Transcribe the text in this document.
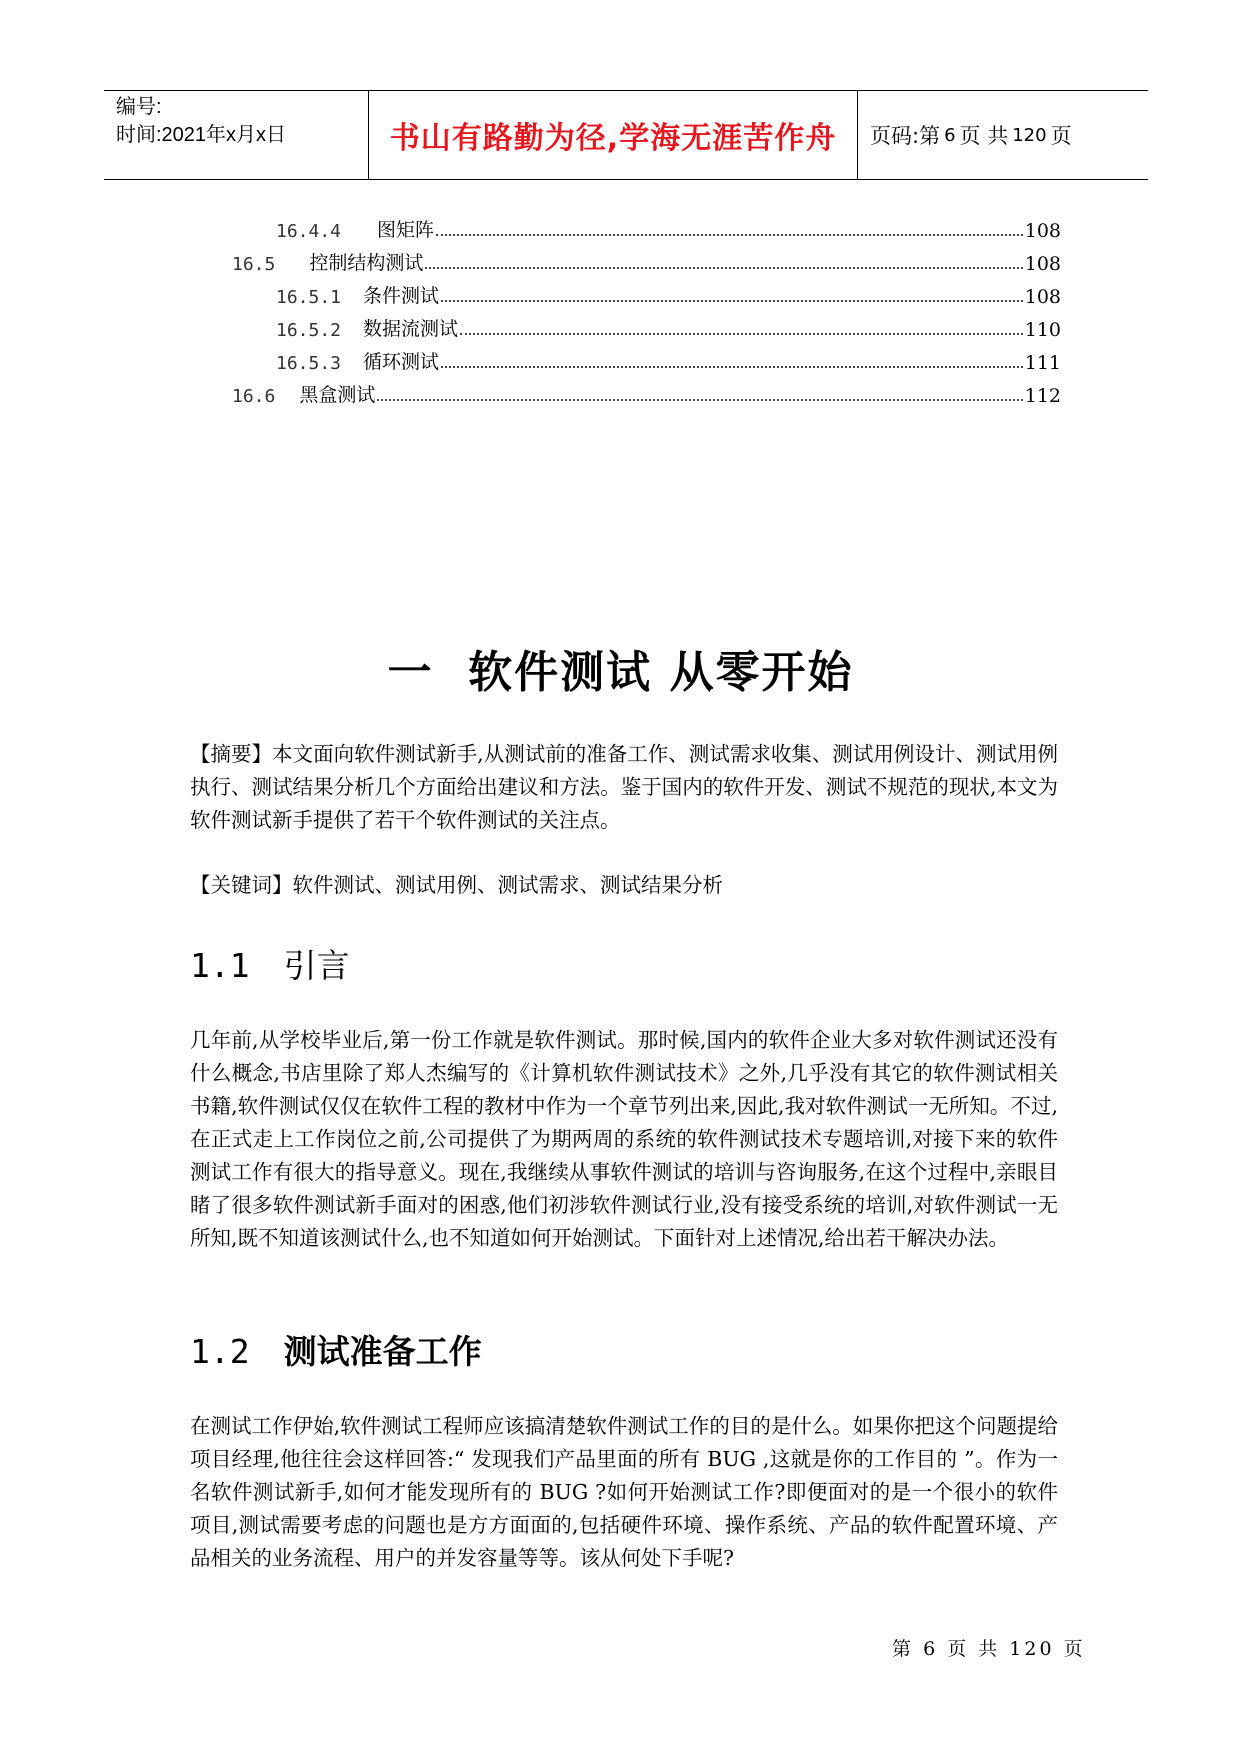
编号:
时间:2021年x月x日	书山有路勤为径,学海无涯苦作舟	页码:第 6 页 共 120 页
16.4.4 图矩阵	108
16.5 控制结构测试	108
16.5.1 条件测试	108
16.5.2 数据流测试	110
16.5.3 循环测试	111
16.6 黑盒测试	112
一  软件测试 从零开始
【摘要】本文面向软件测试新手,从测试前的准备工作、测试需求收集、测试用例设计、测试用例执行、测试结果分析几个方面给出建议和方法。鉴于国内的软件开发、测试不规范的现状,本文为软件测试新手提供了若干个软件测试的关注点。
【关键词】软件测试、测试用例、测试需求、测试结果分析
1.1 引言
几年前,从学校毕业后,第一份工作就是软件测试。那时候,国内的软件企业大多对软件测试还没有什么概念,书店里除了郑人杰编写的《计算机软件测试技术》之外,几乎没有其它的软件测试相关书籍,软件测试仅仅在软件工程的教材中作为一个章节列出来,因此,我对软件测试一无所知。不过,在正式走上工作岗位之前,公司提供了为期两周的系统的软件测试技术专题培训,对接下来的软件测试工作有很大的指导意义。现在,我继续从事软件测试的培训与咨询服务,在这个过程中,亲眼目睹了很多软件测试新手面对的困惑,他们初涉软件测试行业,没有接受系统的培训,对软件测试一无所知,既不知道该测试什么,也不知道如何开始测试。下面针对上述情况,给出若干解决办法。
1.2 测试准备工作
在测试工作伊始,软件测试工程师应该搞清楚软件测试工作的目的是什么。如果你把这个问题提给项目经理,他往往会这样回答:“ 发现我们产品里面的所有 BUG ,这就是你的工作目的 ”。作为一名软件测试新手,如何才能发现所有的 BUG ?如何开始测试工作?即便面对的是一个很小的软件项目,测试需要考虑的问题也是方方面面的,包括硬件环境、操作系统、产品的软件配置环境、产品相关的业务流程、用户的并发容量等等。该从何处下手呢?
第 6 页 共 120 页
